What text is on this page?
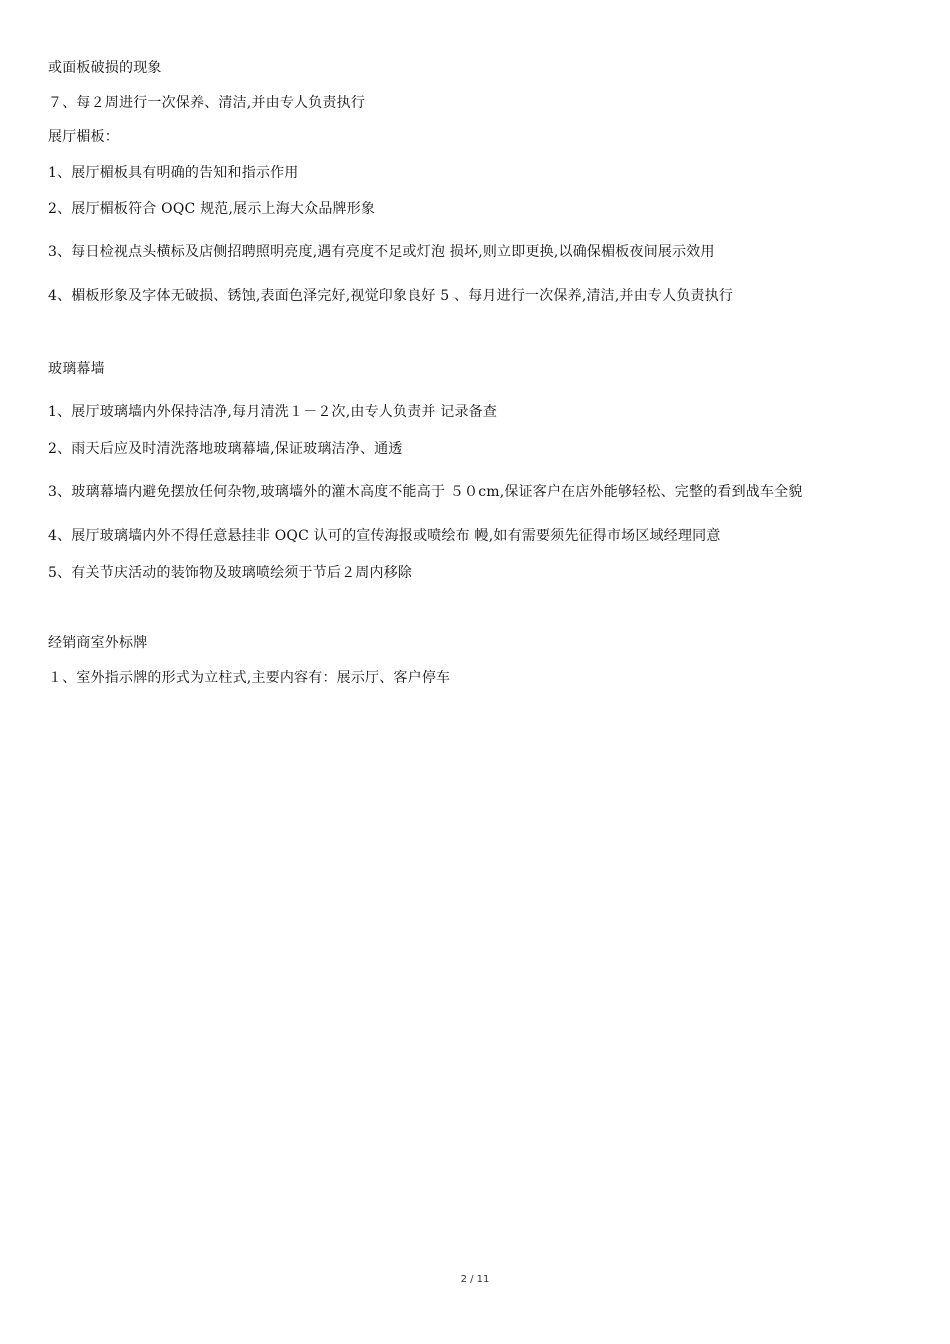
或面板破损的现象
７、每２周进行一次保养、清洁,并由专人负责执行
展厅楣板：
1、展厅楣板具有明确的告知和指示作用
2、展厅楣板符合 OQC 规范,展示上海大众品牌形象
3、每日检视点头横标及店侧招聘照明亮度,遇有亮度不足或灯泡 损坏,则立即更换,以确保楣板夜间展示效用
4、楣板形象及字体无破损、锈蚀,表面色泽完好,视觉印象良好 5 、每月进行一次保养,清洁,并由专人负责执行
玻璃幕墙
1、展厅玻璃墙内外保持洁净,每月清洗１－２次,由专人负责并 记录备查
2、雨天后应及时清洗落地玻璃幕墙,保证玻璃洁净、通透
3、玻璃幕墙内避免摆放任何杂物,玻璃墙外的灌木高度不能高于 ５０cm,保证客户在店外能够轻松、完整的看到战车全貌
4、展厅玻璃墙内外不得任意悬挂非 OQC 认可的宣传海报或喷绘布 幔,如有需要须先征得市场区域经理同意
5、有关节庆活动的装饰物及玻璃喷绘须于节后２周内移除
经销商室外标牌
１、室外指示牌的形式为立柱式,主要内容有：展示厅、客户停车
2 / 11
